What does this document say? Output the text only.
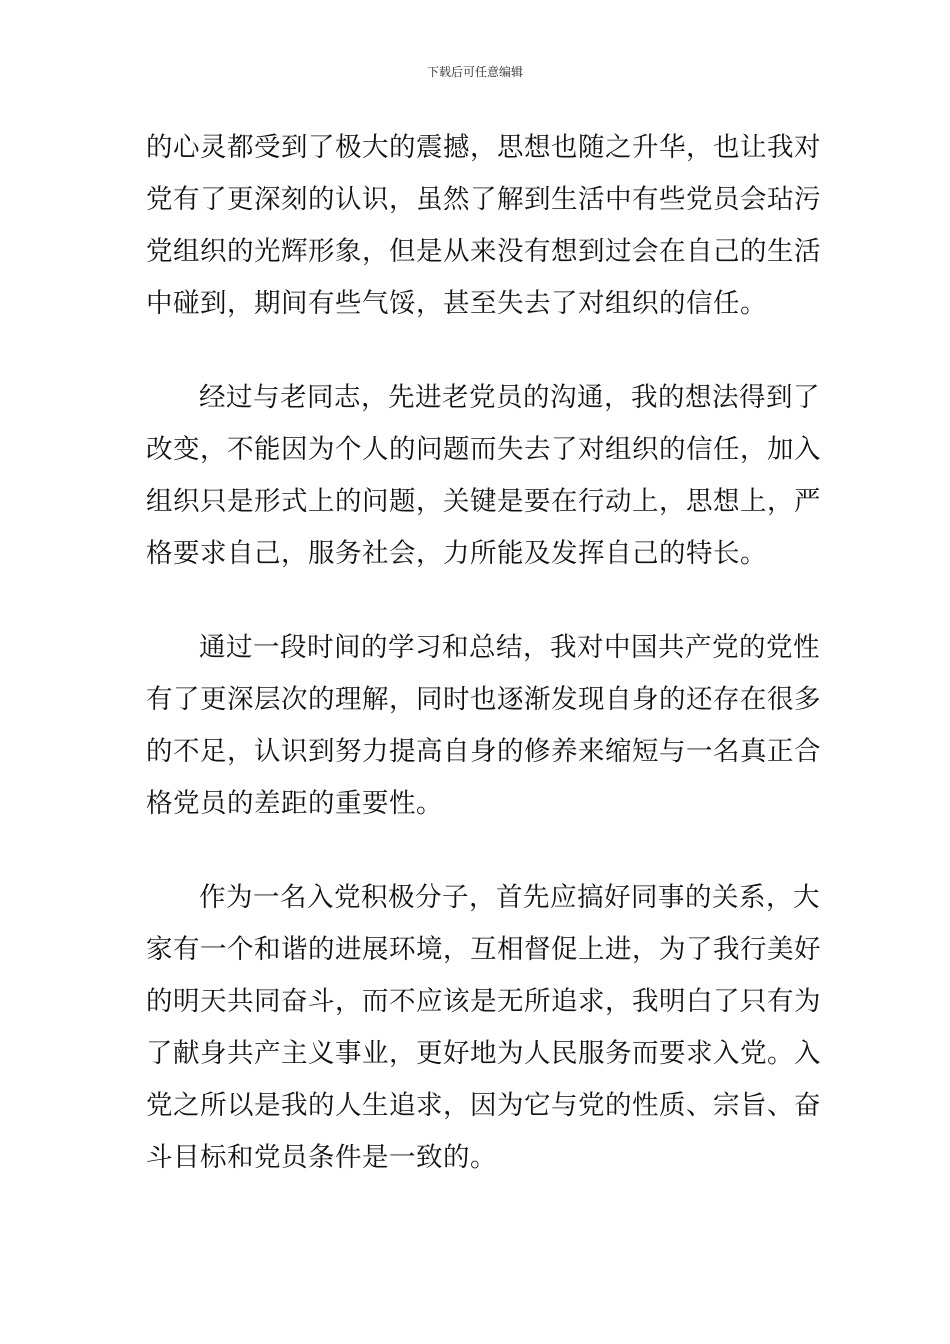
下载后可任意编辑

的心灵都受到了极大的震撼，思想也随之升华，也让我对
党有了更深刻的认识，虽然了解到生活中有些党员会玷污
党组织的光辉形象，但是从来没有想到过会在自己的生活
中碰到，期间有些气馁，甚至失去了对组织的信任。

经过与老同志，先进老党员的沟通，我的想法得到了
改变，不能因为个人的问题而失去了对组织的信任，加入
组织只是形式上的问题，关键是要在行动上，思想上，严
格要求自己，服务社会，力所能及发挥自己的特长。

通过一段时间的学习和总结，我对中国共产党的党性
有了更深层次的理解，同时也逐渐发现自身的还存在很多
的不足，认识到努力提高自身的修养来缩短与一名真正合
格党员的差距的重要性。

作为一名入党积极分子，首先应搞好同事的关系，大
家有一个和谐的进展环境，互相督促上进，为了我行美好
的明天共同奋斗，而不应该是无所追求，我明白了只有为
了献身共产主义事业，更好地为人民服务而要求入党。入
党之所以是我的人生追求，因为它与党的性质、宗旨、奋
斗目标和党员条件是一致的。
